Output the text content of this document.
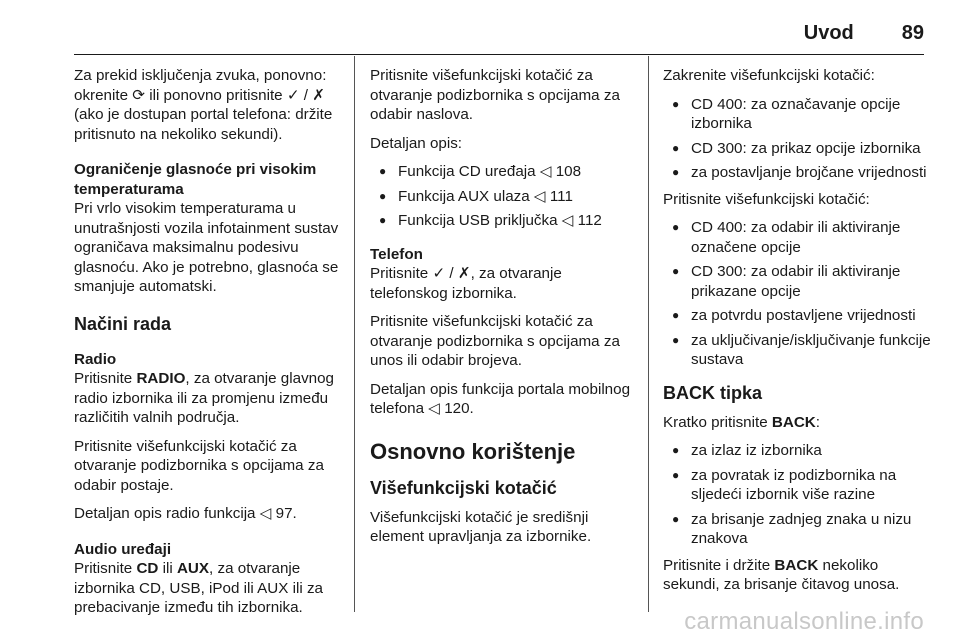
Uvod 89

Za prekid isključenja zvuka, ponovno: okrenite ⟳ ili ponovno pritisnite ✓ / ✗ (ako je dostupan portal telefona: držite pritisnuto na nekoliko sekundi).

Ograničenje glasnoće pri visokim temperaturama

Pri vrlo visokim temperaturama u unutrašnjosti vozila infotainment sustav ograničava maksimalnu podesivu glasnoću. Ako je potrebno, glasnoća se smanjuje automatski.

Načini rada

Radio

Pritisnite RADIO, za otvaranje glavnog radio izbornika ili za promjenu između različitih valnih područja.

Pritisnite višefunkcijski kotačić za otvaranje podizbornika s opcijama za odabir postaje.

Detaljan opis radio funkcija ◁ 97.

Audio uređaji

Pritisnite CD ili AUX, za otvaranje izbornika CD, USB, iPod ili AUX ili za prebacivanje između tih izbornika.

Pritisnite višefunkcijski kotačić za otvaranje podizbornika s opcijama za odabir naslova.

Detaljan opis:

● Funkcija CD uređaja ◁ 108
● Funkcija AUX ulaza ◁ 111
● Funkcija USB priključka ◁ 112

Telefon

Pritisnite ✓ / ✗, za otvaranje telefonskog izbornika.

Pritisnite višefunkcijski kotačić za otvaranje podizbornika s opcijama za unos ili odabir brojeva.

Detaljan opis funkcija portala mobilnog telefona ◁ 120.

Osnovno korištenje
Višefunkcijski kotačić

Višefunkcijski kotačić je središnji element upravljanja za izbornike.

Zakrenite višefunkcijski kotačić:

● CD 400: za označavanje opcije izbornika
● CD 300: za prikaz opcije izbornika
● za postavljanje brojčane vrijednosti

Pritisnite višefunkcijski kotačić:

● CD 400: za odabir ili aktiviranje označene opcije
● CD 300: za odabir ili aktiviranje prikazane opcije
● za potvrdu postavljene vrijednosti
● za uključivanje/isključivanje funkcije sustava
BACK tipka

Kratko pritisnite BACK:

● za izlaz iz izbornika
● za povratak iz podizbornika na sljedeći izbornik više razine
● za brisanje zadnjeg znaka u nizu znakova

Pritisnite i držite BACK nekoliko sekundi, za brisanje čitavog unosa.

carmanualsonline.info
